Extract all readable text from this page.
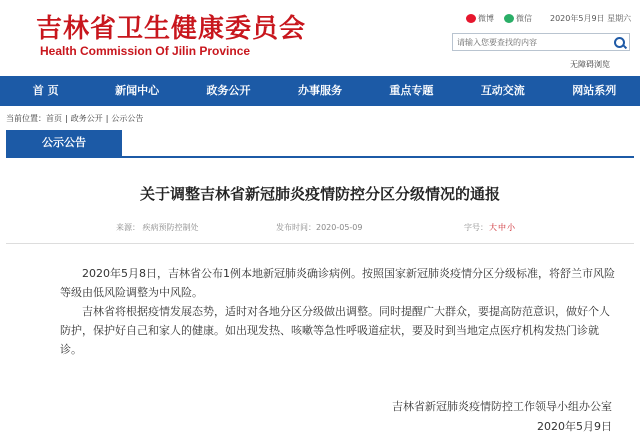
吉林省卫生健康委员会
Health Commission Of Jilin Province
微博	微信 2020年5月9日 星期六
请输入您要查找的内容
无障碍浏览
首 页	新闻中心	政务公开	办事服务	重点专题	互动交流	网站系列
当前位置：首页 | 政务公开 | 公示公告
公示公告
关于调整吉林省新冠肺炎疫情防控分区分级情况的通报
来源： 疾病预防控制处	发布时间：2020-05-09	字号：大中小

2020年5月8日，吉林省公布1例本地新冠肺炎确诊病例。按照国家新冠肺炎疫情分区分级标准，将舒兰市风险等级由低风险调整为中风险。

吉林省将根据疫情发展态势，适时对各地分区分级做出调整。同时提醒广大群众，要提高防范意识，做好个人防护，保护好自己和家人的健康。如出现发热、咳嗽等急性呼吸道症状，要及时到当地定点医疗机构发热门诊就诊。

吉林省新冠肺炎疫情防控工作领导小组办公室
2020年5月9日
